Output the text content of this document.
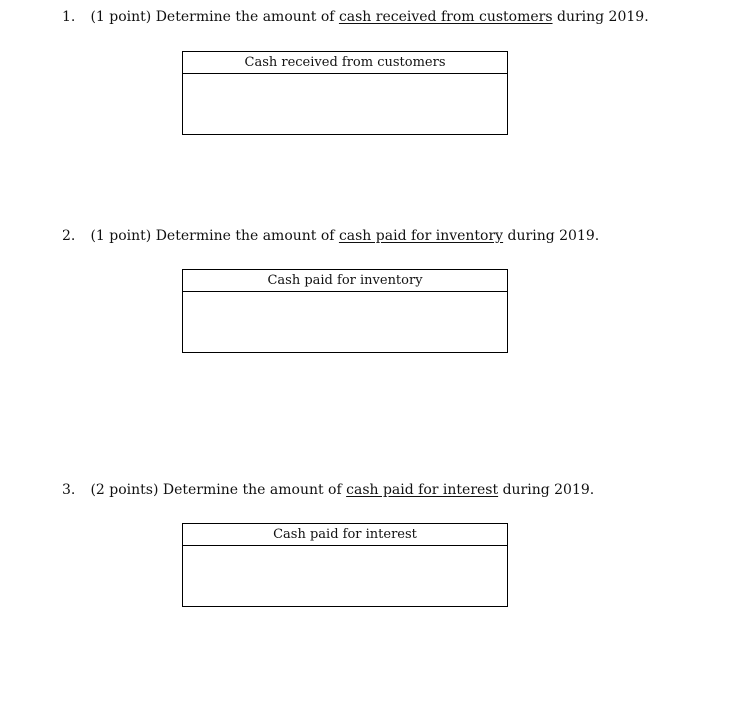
1. (1 point) Determine the amount of cash received from customers during 2019.
Cash received from customers
2. (1 point) Determine the amount of cash paid for inventory during 2019.
Cash paid for inventory
3. (2 points) Determine the amount of cash paid for interest during 2019.
Cash paid for interest
